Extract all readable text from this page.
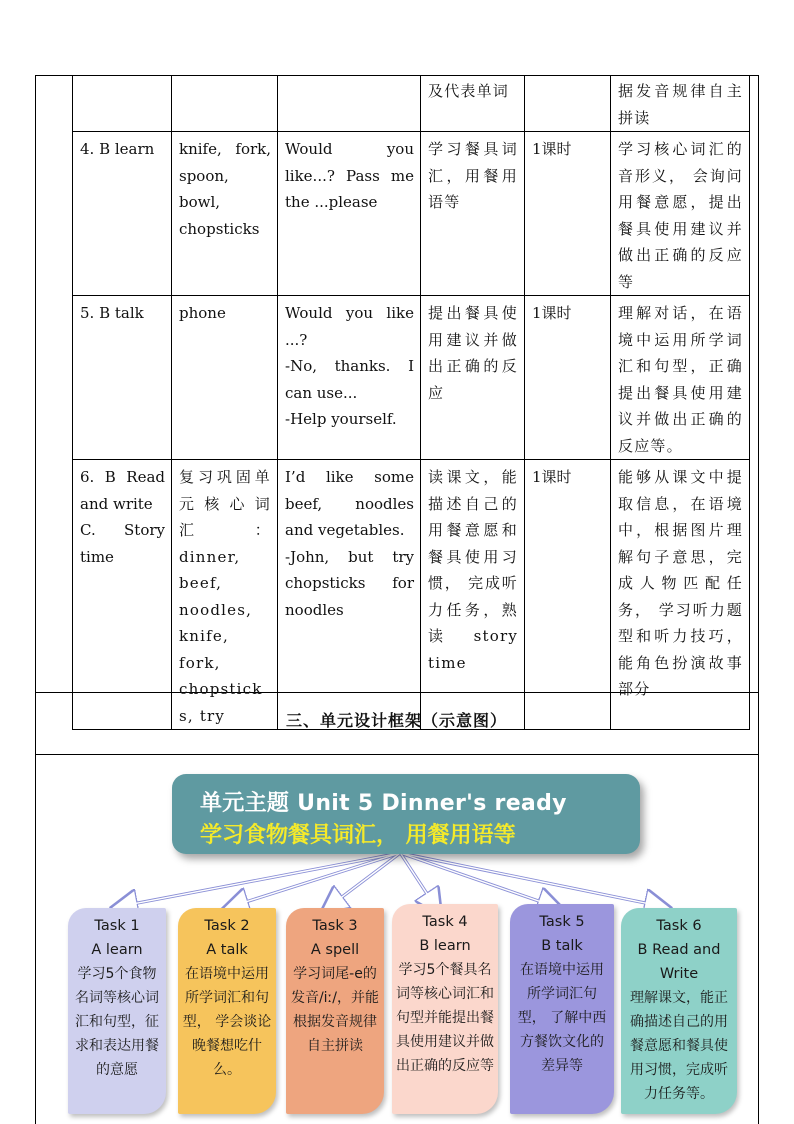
			及代表单词		据发音规律自主拼读
4. B learn	knife, fork, spoon, bowl, chopsticks	Would you like...? Pass me the ...please	学习餐具词汇，用餐用语等	1课时	学习核心词汇的音形义， 会询问用餐意愿，提出餐具使用建议并做出正确的反应等
5. B talk	phone	Would you like ...?
-No, thanks. I can use...
-Help yourself.	提出餐具使用建议并做出正确的反应	1课时	理解对话，在语境中运用所学词汇和句型，正确提出餐具使用建议并做出正确的反应等。
6. B Read and write
C. Story time	复习巩固单元核心词汇：dinner, beef, noodles, knife, fork, chopsticks, try	I’d like some beef, noodles and vegetables.
-John, but try chopsticks for noodles	读课文，能描述自己的用餐意愿和餐具使用习惯， 完成听力任务，熟读 story time	1课时	能够从课文中提取信息，在语境中，根据图片理解句子意思，完成人物匹配任务， 学习听力题型和听力技巧， 能角色扮演故事部分
三、单元设计框架（示意图）
单元主题 Unit 5 Dinner's ready
学习食物餐具词汇， 用餐用语等
Task 1
A learn
学习5个食物名词等核心词汇和句型，征求和表达用餐的意愿
Task 2
A talk
在语境中运用所学词汇和句型， 学会谈论晚餐想吃什么。
Task 3
A spell
学习词尾-e的发音/iː/，并能根据发音规律自主拼读
Task 4
B learn
学习5个餐具名词等核心词汇和句型并能提出餐具使用建议并做出正确的反应等
Task 5
B talk
在语境中运用所学词汇句型， 了解中西方餐饮文化的差异等
Task 6
B Read and Write
理解课文，能正确描述自己的用餐意愿和餐具使用习惯，完成听力任务等。
